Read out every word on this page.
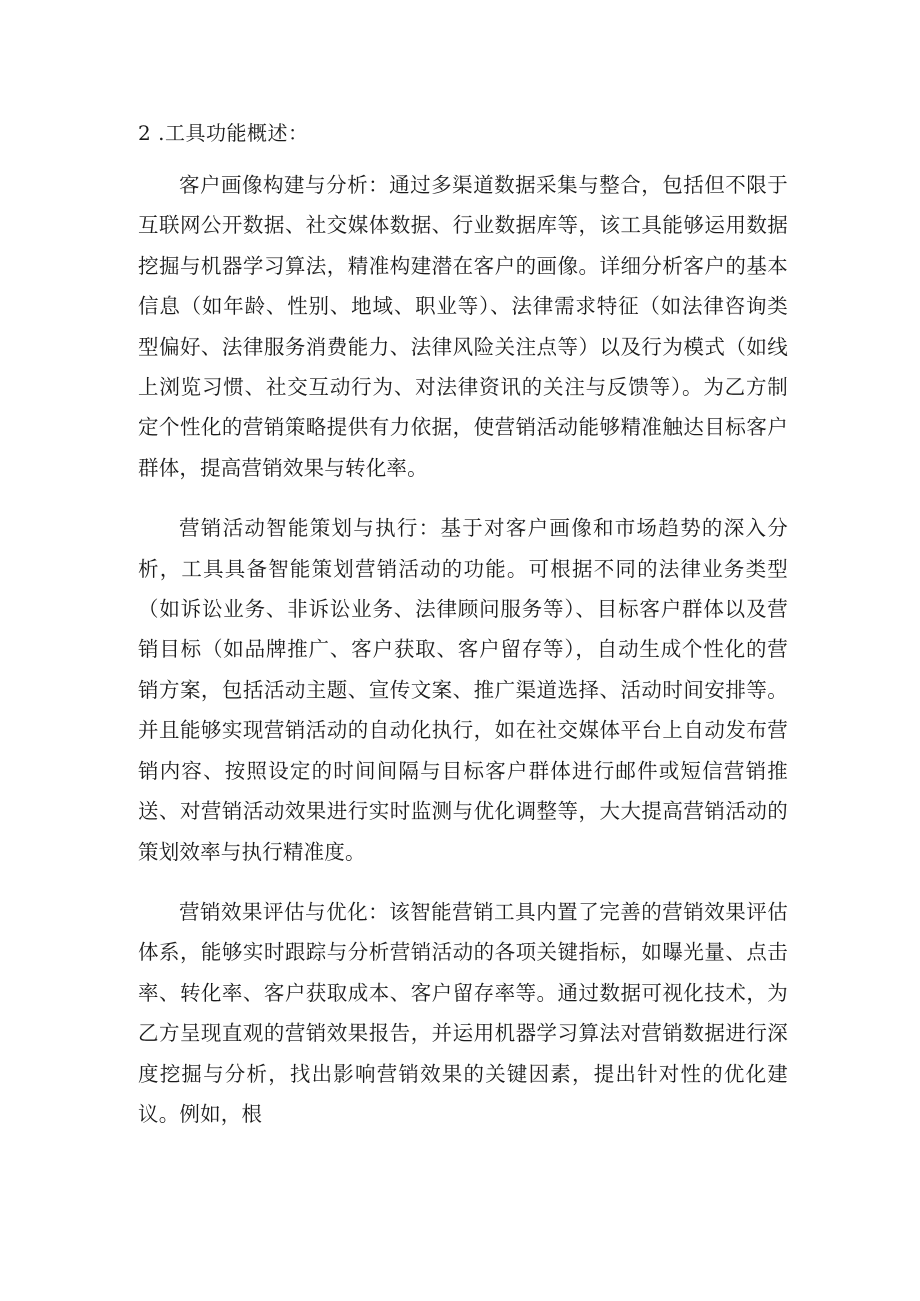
2 .工具功能概述：

客户画像构建与分析：通过多渠道数据采集与整合，包括但不限于互联网公开数据、社交媒体数据、行业数据库等，该工具能够运用数据挖掘与机器学习算法，精准构建潜在客户的画像。详细分析客户的基本信息（如年龄、性别、地域、职业等）、法律需求特征（如法律咨询类型偏好、法律服务消费能力、法律风险关注点等）以及行为模式（如线上浏览习惯、社交互动行为、对法律资讯的关注与反馈等）。为乙方制定个性化的营销策略提供有力依据，使营销活动能够精准触达目标客户群体，提高营销效果与转化率。

营销活动智能策划与执行：基于对客户画像和市场趋势的深入分析，工具具备智能策划营销活动的功能。可根据不同的法律业务类型（如诉讼业务、非诉讼业务、法律顾问服务等）、目标客户群体以及营销目标（如品牌推广、客户获取、客户留存等），自动生成个性化的营销方案，包括活动主题、宣传文案、推广渠道选择、活动时间安排等。并且能够实现营销活动的自动化执行，如在社交媒体平台上自动发布营销内容、按照设定的时间间隔与目标客户群体进行邮件或短信营销推送、对营销活动效果进行实时监测与优化调整等，大大提高营销活动的策划效率与执行精准度。

营销效果评估与优化：该智能营销工具内置了完善的营销效果评估体系，能够实时跟踪与分析营销活动的各项关键指标，如曝光量、点击率、转化率、客户获取成本、客户留存率等。通过数据可视化技术，为乙方呈现直观的营销效果报告，并运用机器学习算法对营销数据进行深度挖掘与分析，找出影响营销效果的关键因素，提出针对性的优化建议。例如，根
